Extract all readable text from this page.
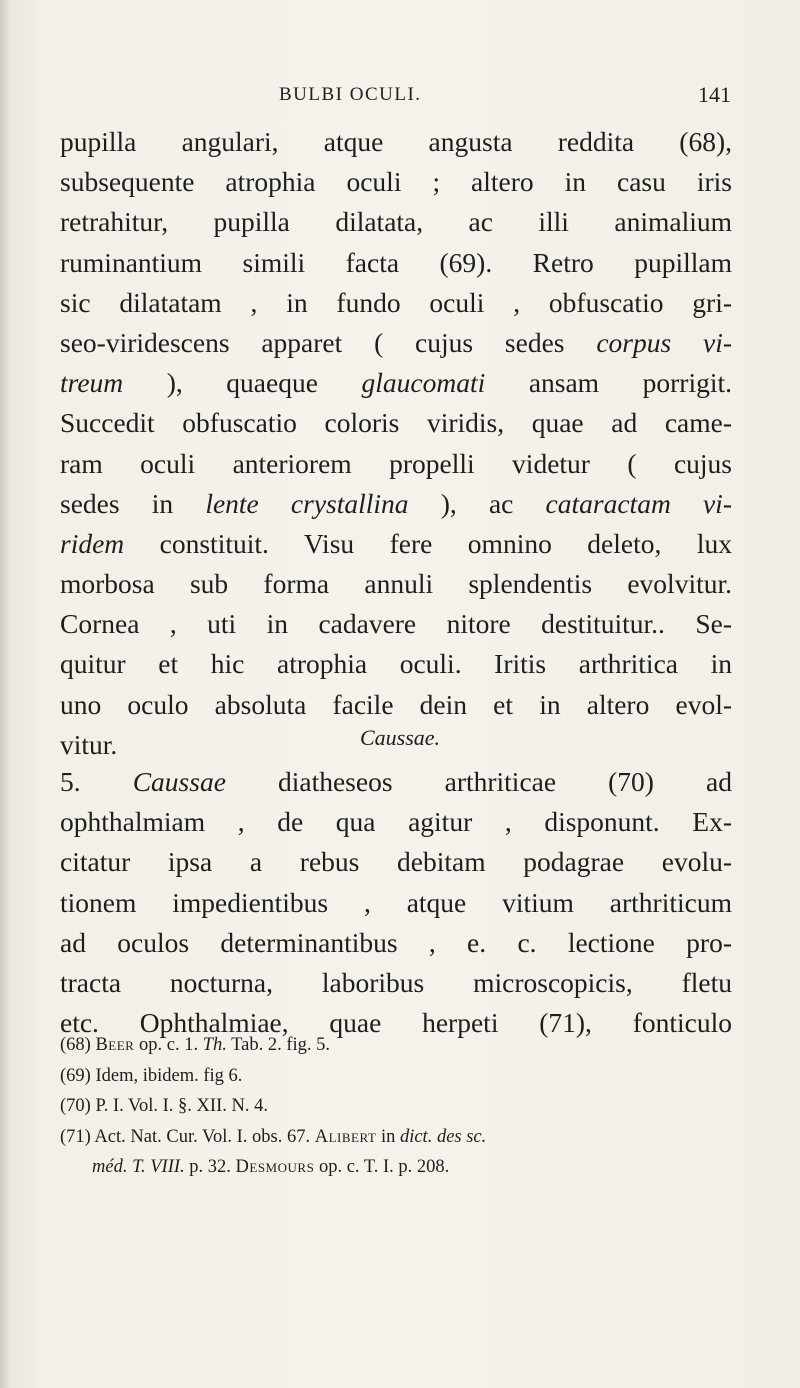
BULBI OCULI.	141
pupilla angulari, atque angusta reddita (68),
subsequente atrophia oculi ; altero in casu iris
retrahitur, pupilla dilatata, ac illi animalium
ruminantium simili facta (69). Retro pupillam
sic dilatatam , in fundo oculi , obfuscatio gri-
seo-viridescens apparet ( cujus sedes corpus vi-
treum ), quaeque glaucomati ansam porrigit.
Succedit obfuscatio coloris viridis, quae ad came-
ram oculi anteriorem propelli videtur ( cujus
sedes in lente crystallina ), ac cataractam vi-
ridem constituit. Visu fere omnino deleto, lux
morbosa sub forma annuli splendentis evolvitur.
Cornea , uti in cadavere nitore destituitur.. Se-
quitur et hic atrophia oculi. Iritis arthritica in
uno oculo absoluta facile dein et in altero evol-
vitur.	Caussae.
5. Caussae diatheseos arthriticae (70) ad
ophthalmiam , de qua agitur , disponunt. Ex-
citatur ipsa a rebus debitam podagrae evolu-
tionem impedientibus , atque vitium arthriticum
ad oculos determinantibus , e. c. lectione pro-
tracta nocturna, laboribus microscopicis, fletu
etc. Ophthalmiae, quae herpeti (71), fonticulo
(68) Beer op. c. 1. Th. Tab. 2. fig. 5.
(69) Idem, ibidem. fig 6.
(70) P. I. Vol. I. §. XII. N. 4.
(71) Act. Nat. Cur. Vol. I. obs. 67. Alibert in dict. des sc.
méd. T. VIII. p. 32. Desmours op. c. T. I. p. 208.
